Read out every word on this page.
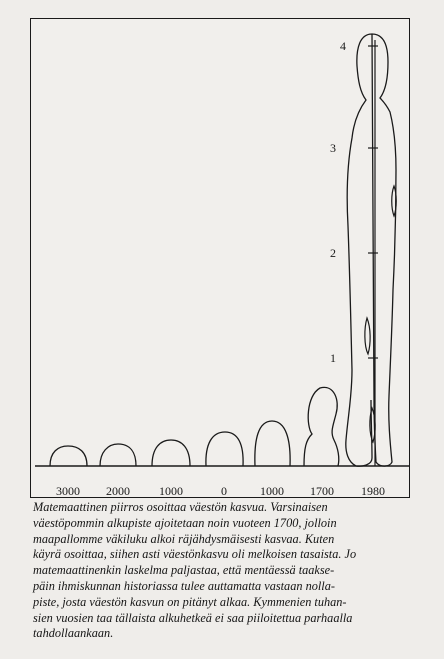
4
3
2
1
3000 2000 1000	0	1000 1700 1980
Matemaattinen piirros osoittaa väestön kasvua. Varsinaisen
väestöpommin alkupiste ajoitetaan noin vuoteen 1700, jolloin
maapallomme väkiluku alkoi räjähdysmäisesti kasvaa. Kuten
käyrä osoittaa, siihen asti väestönkasvu oli melkoisen tasaista. Jo
matemaattinenkin laskelma paljastaa, että mentäessä taakse-
päin ihmiskunnan historiassa tulee auttamatta vastaan nolla-
piste, josta väestön kasvun on pitänyt alkaa. Kymmenien tuhan-
sien vuosien taa tällaista alkuhetkeä ei saa piiloitettua parhaalla
tahdollaankaan.
